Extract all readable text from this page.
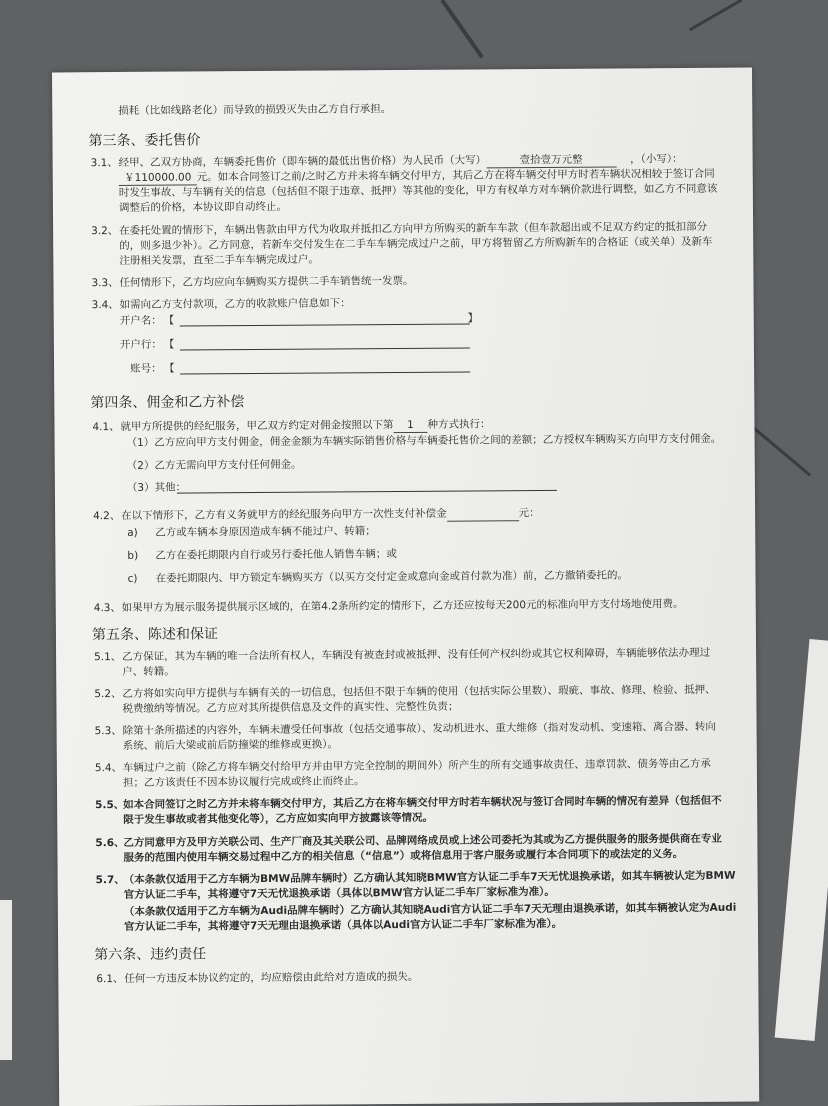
损耗（比如线路老化）而导致的损毁灭失由乙方自行承担。
第三条、委托售价
3.1、经甲、乙双方协商，车辆委托售价（即车辆的最低出售价格）为人民币（大写）	壹拾壹万元整	，（小写）：
￥110000.00 元。如本合同签订之前/之时乙方并未将车辆交付甲方，其后乙方在将车辆交付甲方时若车辆状况相较于签订合同
时发生事故、与车辆有关的信息（包括但不限于违章、抵押）等其他的变化，甲方有权单方对车辆价款进行调整，如乙方不同意该
调整后的价格，本协议即自动终止。
3.2、在委托处置的情形下，车辆出售款由甲方代为收取并抵扣乙方向甲方所购买的新车车款（但车款超出或不足双方约定的抵扣部分
的，则多退少补）。乙方同意，若新车交付发生在二手车车辆完成过户之前，甲方将暂留乙方所购新车的合格证（或关单）及新车
注册相关发票，直至二手车车辆完成过户。
3.3、任何情形下，乙方均应向车辆购买方提供二手车销售统一发票。
3.4、如需向乙方支付款项，乙方的收款账户信息如下：
开户名： 【	】
开户行： 【
账号： 【
第四条、佣金和乙方补偿
4.1、就甲方所提供的经纪服务，甲乙双方约定对佣金按照以下第 1 种方式执行：
（1）乙方应向甲方支付佣金，佣金金额为车辆实际销售价格与车辆委托售价之间的差额；乙方授权车辆购买方向甲方支付佣金。
（2）乙方无需向甲方支付任何佣金。
（3）其他：
4.2、在以下情形下，乙方有义务就甲方的经纪服务向甲方一次性支付补偿金	元：
a) 乙方或车辆本身原因造成车辆不能过户、转籍；
b) 乙方在委托期限内自行或另行委托他人销售车辆；或
c) 在委托期限内、甲方锁定车辆购买方（以买方交付定金或意向金或首付款为准）前，乙方撤销委托的。
4.3、如果甲方为展示服务提供展示区域的，在第4.2条所约定的情形下，乙方还应按每天200元的标准向甲方支付场地使用费。
第五条、陈述和保证
5.1、乙方保证，其为车辆的唯一合法所有权人，车辆没有被查封或被抵押、没有任何产权纠纷或其它权利障碍，车辆能够依法办理过
户、转籍。
5.2、乙方将如实向甲方提供与车辆有关的一切信息，包括但不限于车辆的使用（包括实际公里数）、瑕疵、事故、修理、检验、抵押、
税费缴纳等情况。乙方应对其所提供信息及文件的真实性、完整性负责；
5.3、除第十条所描述的内容外，车辆未遭受任何事故（包括交通事故）、发动机进水、重大维修（指对发动机、变速箱、离合器、转向
系统、前后大梁或前后防撞梁的维修或更换）。
5.4、车辆过户之前（除乙方将车辆交付给甲方并由甲方完全控制的期间外）所产生的所有交通事故责任、违章罚款、债务等由乙方承
担；乙方该责任不因本协议履行完成或终止而终止。
5.5、如本合同签订之时乙方并未将车辆交付甲方，其后乙方在将车辆交付甲方时若车辆状况与签订合同时车辆的情况有差异（包括但不
限于发生事故或者其他变化等），乙方应如实向甲方披露该等情况。
5.6、乙方同意甲方及甲方关联公司、生产厂商及其关联公司、品牌网络成员或上述公司委托为其或为乙方提供服务的服务提供商在专业
服务的范围内使用车辆交易过程中乙方的相关信息（“信息”）或将信息用于客户服务或履行本合同项下的或法定的义务。
5.7、（本条款仅适用于乙方车辆为BMW品牌车辆时）乙方确认其知晓BMW官方认证二手车7天无忧退换承诺，如其车辆被认定为BMW
官方认证二手车，其将遵守7天无忧退换承诺（具体以BMW官方认证二手车厂家标准为准）。
（本条款仅适用于乙方车辆为Audi品牌车辆时）乙方确认其知晓Audi官方认证二手车7天无理由退换承诺，如其车辆被认定为Audi
官方认证二手车，其将遵守7天无理由退换承诺（具体以Audi官方认证二手车厂家标准为准）。
第六条、违约责任
6.1、任何一方违反本协议约定的，均应赔偿由此给对方造成的损失。
